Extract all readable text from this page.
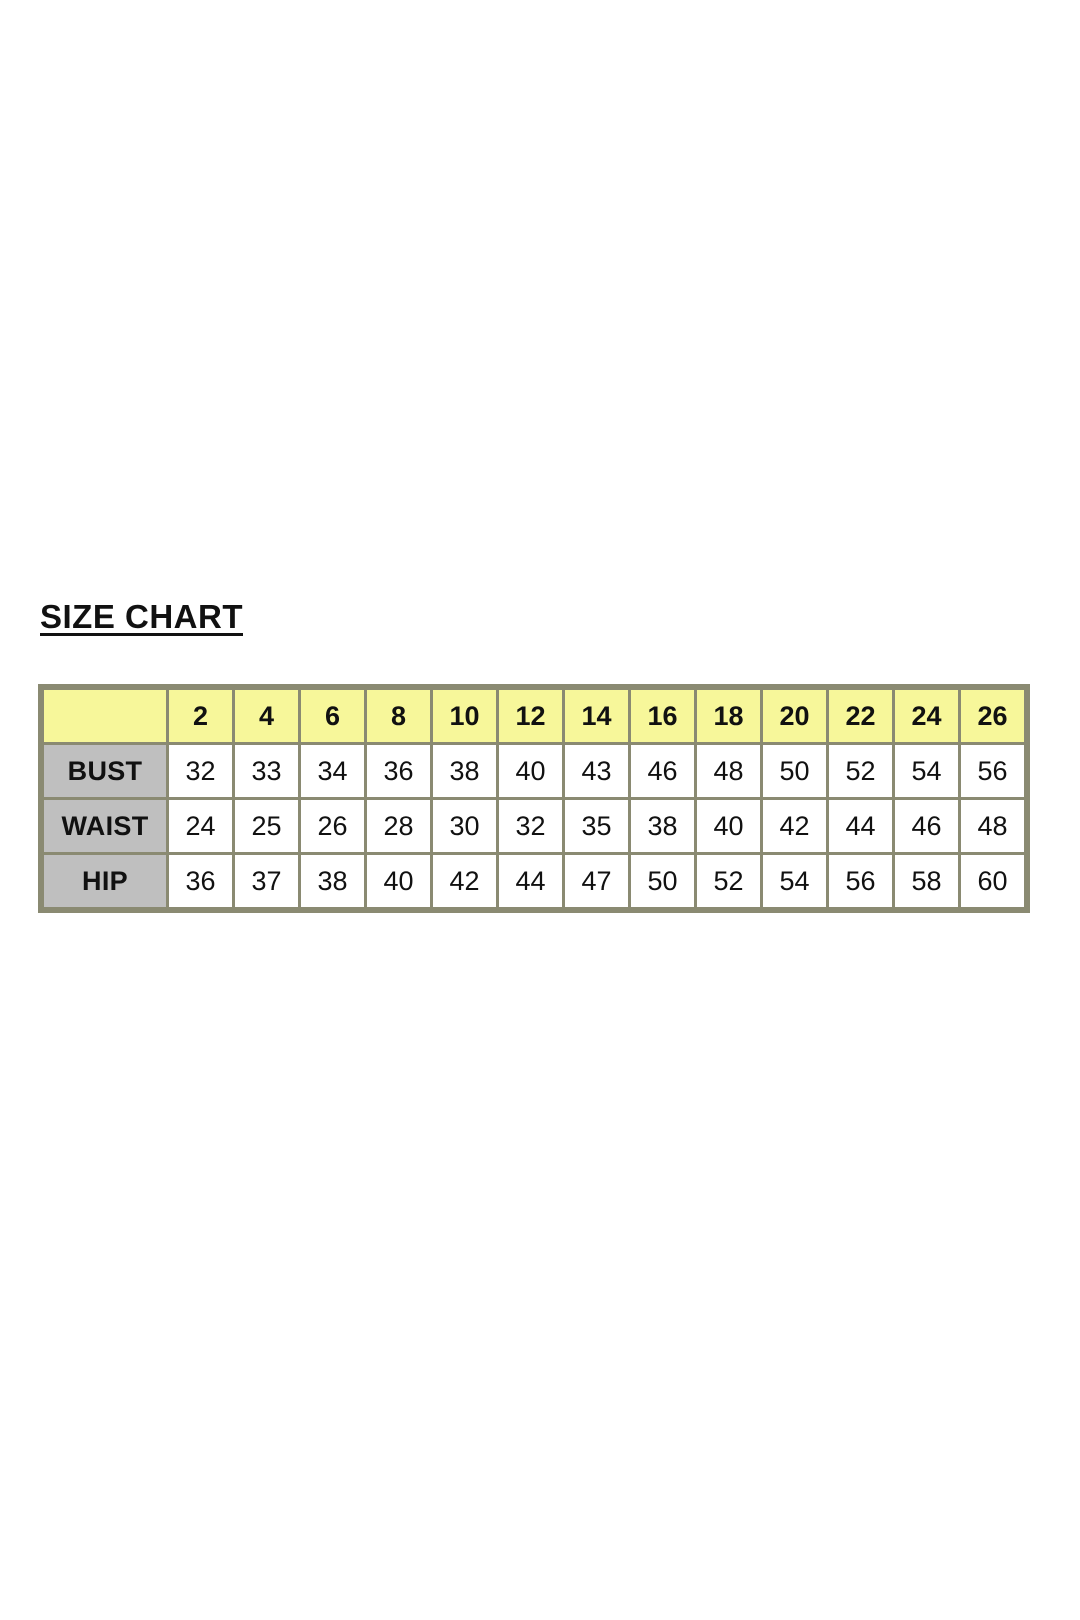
SIZE CHART
	2	4	6	8	10	12	14	16	18	20	22	24	26
BUST	32	33	34	36	38	40	43	46	48	50	52	54	56
WAIST	24	25	26	28	30	32	35	38	40	42	44	46	48
HIP	36	37	38	40	42	44	47	50	52	54	56	58	60
